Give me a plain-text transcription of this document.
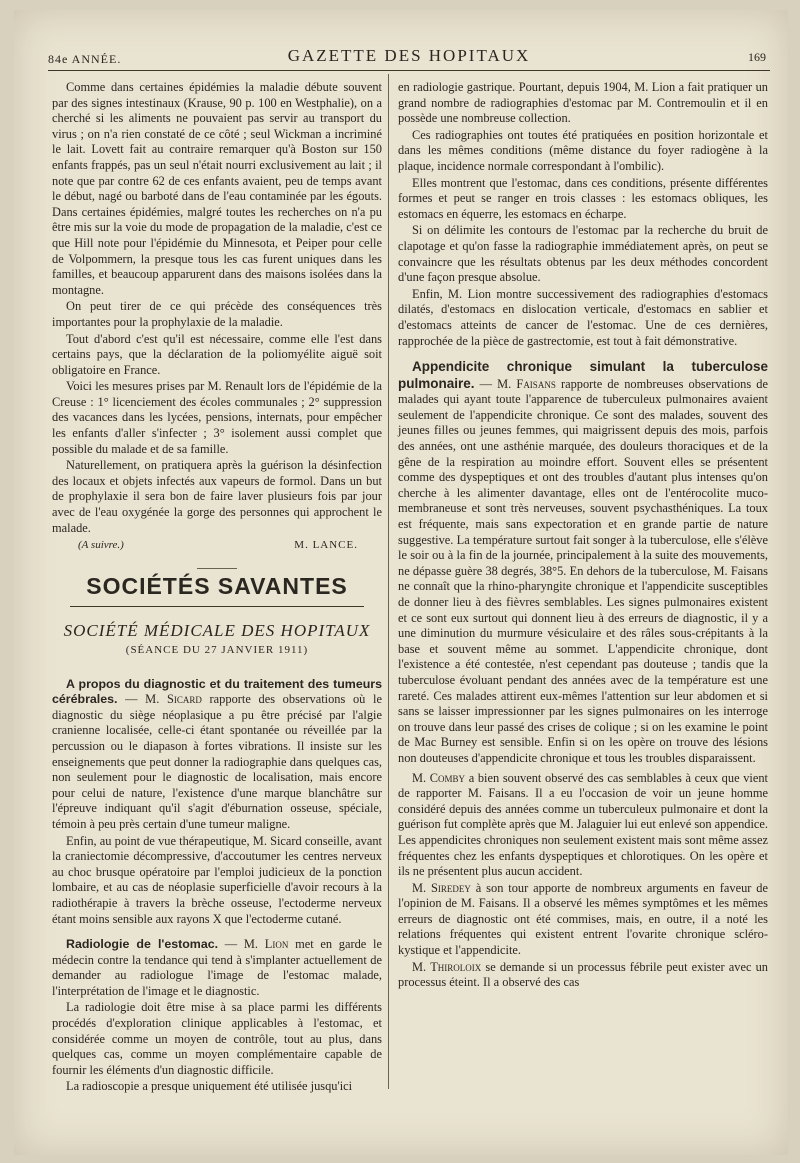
84e ANNÉE.	GAZETTE DES HOPITAUX	169

Comme dans certaines épidémies la maladie débute souvent par des signes intestinaux (Krause, 90 p. 100 en Westphalie), on a cherché si les aliments ne pouvaient pas servir au transport du virus ; on n'a rien constaté de ce côté ; seul Wickman a incriminé le lait. Lovett fait au contraire remarquer qu'à Boston sur 150 enfants frappés, pas un seul n'était nourri exclusivement au lait ; il note que par contre 62 de ces enfants avaient, peu de temps avant le début, nagé ou barboté dans de l'eau contaminée par les égouts. Dans certaines épidémies, malgré toutes les recherches on n'a pu être mis sur la voie du mode de propagation de la maladie, c'est ce que Hill note pour l'épidémie du Minnesota, et Peiper pour celle de Volpommern, la presque tous les cas furent uniques dans les familles, et beaucoup apparurent dans des maisons isolées dans la montagne.

On peut tirer de ce qui précède des conséquences très importantes pour la prophylaxie de la maladie.

Tout d'abord c'est qu'il est nécessaire, comme elle l'est dans certains pays, que la déclaration de la poliomyélite aiguë soit obligatoire en France.

Voici les mesures prises par M. Renault lors de l'épidémie de la Creuse : 1° licenciement des écoles communales ; 2° suppression des vacances dans les lycées, pensions, internats, pour empêcher les enfants d'aller s'infecter ; 3° isolement aussi complet que possible du malade et de sa famille.

Naturellement, on pratiquera après la guérison la désinfection des locaux et objets infectés aux vapeurs de formol. Dans un but de prophylaxie il sera bon de faire laver plusieurs fois par jour avec de l'eau oxygénée la gorge des personnes qui approchent le malade.

(A suivre.)	M. LANCE.
SOCIÉTÉS SAVANTES
SOCIÉTÉ MÉDICALE DES HOPITAUX
(SÉANCE DU 27 JANVIER 1911)

A propos du diagnostic et du traitement des tumeurs cérébrales. — M. Sicard rapporte des observations où le diagnostic du siège néoplasique a pu être précisé par l'algie cranienne localisée, celle-ci étant spontanée ou réveillée par la percussion ou le diapason à fortes vibrations. Il insiste sur les enseignements que peut donner la radiographie dans quelques cas, non seulement pour le diagnostic de localisation, mais encore pour celui de nature, l'existence d'une marque blanchâtre sur l'épreuve indiquant qu'il s'agit d'éburnation osseuse, spéciale, témoin à peu près certain d'une tumeur maligne.

Enfin, au point de vue thérapeutique, M. Sicard conseille, avant la craniectomie décompressive, d'accoutumer les centres nerveux au choc brusque opératoire par l'emploi judicieux de la ponction lombaire, et au cas de néoplasie superficielle d'avoir recours à la radiothérapie à travers la brèche osseuse, l'ectoderme nerveux étant moins sensible aux rayons X que l'ectoderme cutané.

Radiologie de l'estomac. — M. Lion met en garde le médecin contre la tendance qui tend à s'implanter actuellement de demander au radiologue l'image de l'estomac malade, l'interprétation de l'image et le diagnostic.

La radiologie doit être mise à sa place parmi les différents procédés d'exploration clinique applicables à l'estomac, et considérée comme un moyen de contrôle, tout au plus, dans quelques cas, comme un moyen complémentaire capable de fournir les éléments d'un diagnostic difficile.

La radioscopie a presque uniquement été utilisée jusqu'ici

en radiologie gastrique. Pourtant, depuis 1904, M. Lion a fait pratiquer un grand nombre de radiographies d'estomac par M. Contremoulin et il en possède une nombreuse collection.

Ces radiographies ont toutes été pratiquées en position horizontale et dans les mêmes conditions (même distance du foyer radiogène à la plaque, incidence normale correspondant à l'ombilic).

Elles montrent que l'estomac, dans ces conditions, présente différentes formes et peut se ranger en trois classes : les estomacs obliques, les estomacs en équerre, les estomacs en écharpe.

Si on délimite les contours de l'estomac par la recherche du bruit de clapotage et qu'on fasse la radiographie immédiatement après, on peut se convaincre que les résultats obtenus par les deux méthodes concordent d'une façon presque absolue.

Enfin, M. Lion montre successivement des radiographies d'estomacs dilatés, d'estomacs en dislocation verticale, d'estomacs en sablier et d'estomacs atteints de cancer de l'estomac. Une de ces dernières, rapprochée de la pièce de gastrectomie, est tout à fait démonstrative.

Appendicite chronique simulant la tuberculose pulmonaire. — M. Faisans rapporte de nombreuses observations de malades qui ayant toute l'apparence de tuberculeux pulmonaires avaient seulement de l'appendicite chronique. Ce sont des malades, souvent des jeunes filles ou jeunes femmes, qui maigrissent depuis des mois, parfois des années, ont une asthénie marquée, des douleurs thoraciques et de la gêne de la respiration au moindre effort. Souvent elles se présentent comme des dyspeptiques et ont des troubles d'autant plus intenses qu'on cherche à les alimenter davantage, elles ont de l'entérocolite muco-membraneuse et sont très nerveuses, souvent psychasthéniques. La toux est fréquente, mais sans expectoration et en grande partie de nature suggestive. La température surtout fait songer à la tuberculose, elle s'élève le soir ou à la fin de la journée, principalement à la suite des mouvements, ne dépasse guère 38 degrés, 38°5. En dehors de la tuberculose, M. Faisans ne connaît que la rhino-pharyngite chronique et l'appendicite susceptibles de donner lieu à des fièvres semblables. Les signes pulmonaires existent et ce sont eux surtout qui donnent lieu à des erreurs de diagnostic, il y a une diminution du murmure vésiculaire et des râles sous-crépitants à la base et souvent même au sommet. L'appendicite chronique, dont l'existence a été contestée, n'est cependant pas douteuse ; tandis que la tuberculose évoluant pendant des années avec de la température est une rareté. Ces malades attirent eux-mêmes l'attention sur leur abdomen et si sans se laisser impressionner par les signes pulmonaires on les interroge on trouve dans leur passé des crises de colique ; si on les examine le point de Mac Burney est sensible. Enfin si on les opère on trouve des lésions non douteuses d'appendicite chronique et tous les troubles disparaissent.

M. Comby a bien souvent observé des cas semblables à ceux que vient de rapporter M. Faisans. Il a eu l'occasion de voir un jeune homme considéré depuis des années comme un tuberculeux pulmonaire et dont la guérison fut complète après que M. Jalaguier lui eut enlevé son appendice. Les appendicites chroniques non seulement existent mais sont même assez fréquentes chez les enfants dyspeptiques et chlorotiques. On les opère et ils ne présentent plus aucun accident.

M. Siredey à son tour apporte de nombreux arguments en faveur de l'opinion de M. Faisans. Il a observé les mêmes symptômes et les mêmes erreurs de diagnostic ont été commises, mais, en outre, il a noté les relations fréquentes qui existent entrent l'ovarite chronique scléro-kystique et l'appendicite.

M. Thiroloix se demande si un processus fébrile peut exister avec un processus éteint. Il a observé des cas
